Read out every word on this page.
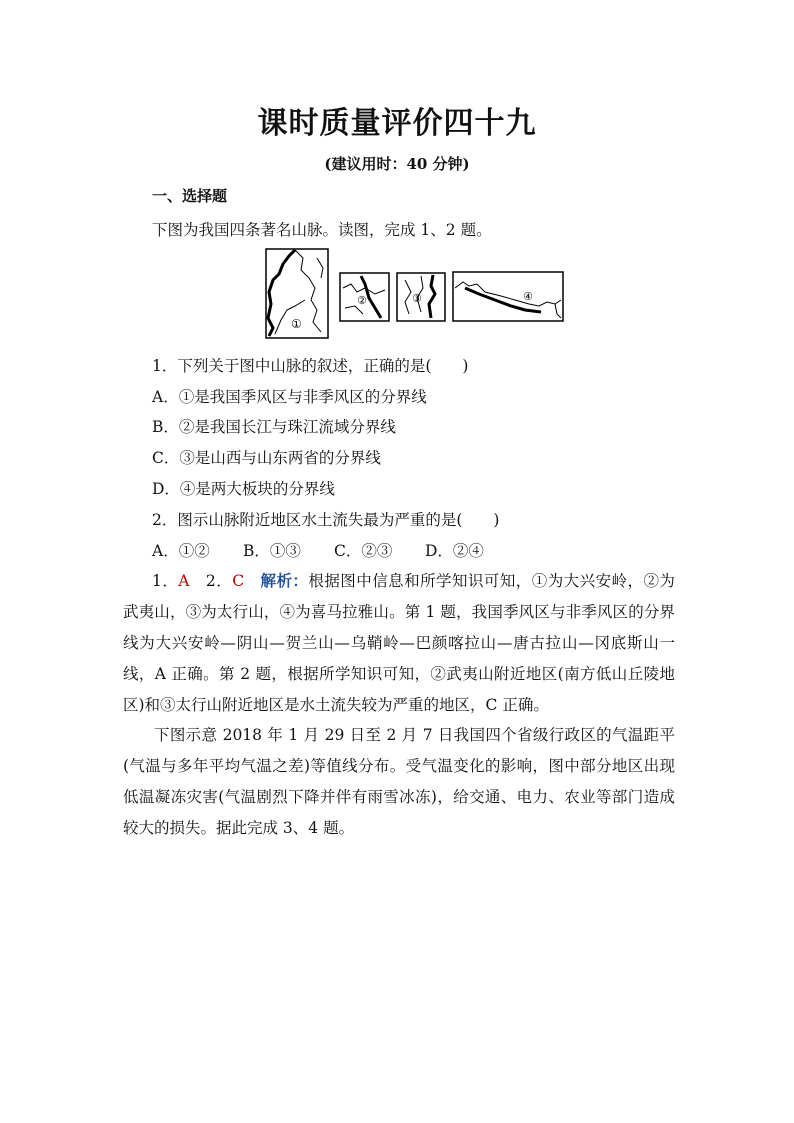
课时质量评价四十九
(建议用时：40 分钟)
一、选择题
下图为我国四条著名山脉。读图，完成 1、2 题。
①
②	③	④
1．下列关于图中山脉的叙述，正确的是(　　)
A．①是我国季风区与非季风区的分界线
B．②是我国长江与珠江流域分界线
C．③是山西与山东两省的分界线
D．④是两大板块的分界线
2．图示山脉附近地区水土流失最为严重的是(　　)
A．①② B．①③ C．②③ D．②④
1．A　 2．C　 解析：根据图中信息和所学知识可知，①为大兴安岭，②为武夷山，③为太行山，④为喜马拉雅山。第 1 题，我国季风区与非季风区的分界线为大兴安岭—阴山—贺兰山—乌鞘岭—巴颜喀拉山—唐古拉山—冈底斯山一线，A 正确。第 2 题，根据所学知识可知，②武夷山附近地区(南方低山丘陵地区)和③太行山附近地区是水土流失较为严重的地区，C 正确。
下图示意 2018 年 1 月 29 日至 2 月 7 日我国四个省级行政区的气温距平(气温与多年平均气温之差)等值线分布。受气温变化的影响，图中部分地区出现低温凝冻灾害(气温剧烈下降并伴有雨雪冰冻)，给交通、电力、农业等部门造成较大的损失。据此完成 3、4 题。
